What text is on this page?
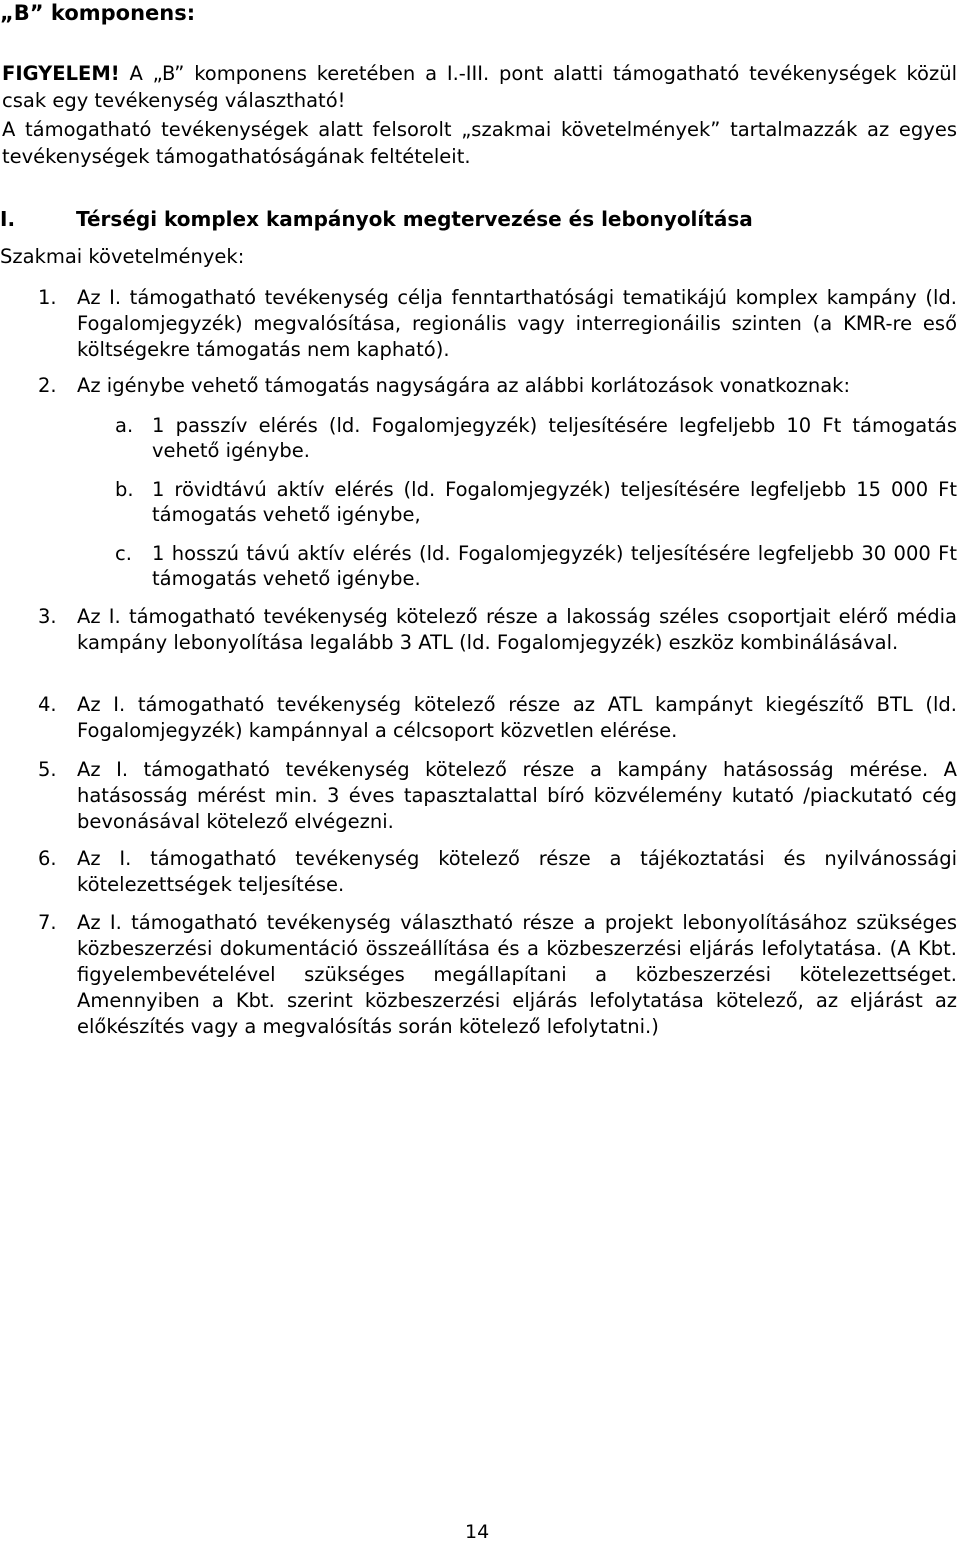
„B” komponens:

FIGYELEM! A „B” komponens keretében a I.-III. pont alatti támogatható tevékenységek közül csak egy tevékenység választható!

A támogatható tevékenységek alatt felsorolt „szakmai követelmények” tartalmazzák az egyes tevékenységek támogathatóságának feltételeit.

I.	Térségi komplex kampányok megtervezése és lebonyolítása

Szakmai követelmények:

1. Az I. támogatható tevékenység célja fenntarthatósági tematikájú komplex kampány (ld. Fogalomjegyzék) megvalósítása, regionális vagy interregionáilis szinten (a KMR-re eső költségekre támogatás nem kapható).
2. Az igénybe vehető támogatás nagyságára az alábbi korlátozások vonatkoznak:
a. 1 passzív elérés (ld. Fogalomjegyzék) teljesítésére legfeljebb 10 Ft támogatás vehető igénybe.
b. 1 rövidtávú aktív elérés (ld. Fogalomjegyzék) teljesítésére legfeljebb 15 000 Ft támogatás vehető igénybe,
c. 1 hosszú távú aktív elérés (ld. Fogalomjegyzék) teljesítésére legfeljebb 30 000 Ft támogatás vehető igénybe.
3. Az I. támogatható tevékenység kötelező része a lakosság széles csoportjait elérő média kampány lebonyolítása legalább 3 ATL (ld. Fogalomjegyzék) eszköz kombinálásával.
4. Az I. támogatható tevékenység kötelező része az ATL kampányt kiegészítő BTL (ld. Fogalomjegyzék) kampánnyal a célcsoport közvetlen elérése.
5. Az I. támogatható tevékenység kötelező része a kampány hatásosság mérése. A hatásosság mérést min. 3 éves tapasztalattal bíró közvélemény kutató /piackutató cég bevonásával kötelező elvégezni.
6. Az I. támogatható tevékenység kötelező része a tájékoztatási és nyilvánossági kötelezettségek teljesítése.
7. Az I. támogatható tevékenység választható része a projekt lebonyolításához szükséges közbeszerzési dokumentáció összeállítása és a közbeszerzési eljárás lefolytatása. (A Kbt. figyelembevételével szükséges megállapítani a közbeszerzési kötelezettséget. Amennyiben a Kbt. szerint közbeszerzési eljárás lefolytatása kötelező, az eljárást az előkészítés vagy a megvalósítás során kötelező lefolytatni.)

14
